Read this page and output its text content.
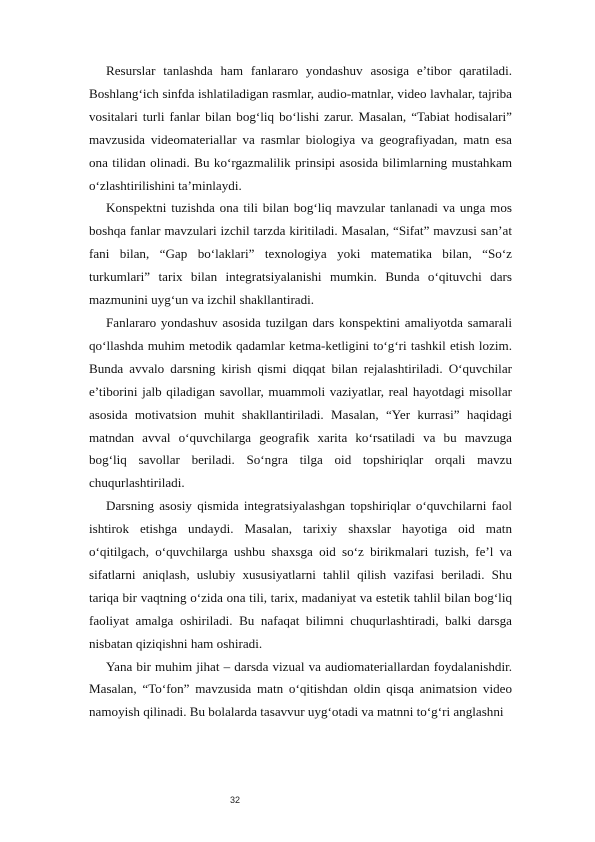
Resurslar tanlashda ham fanlararo yondashuv asosiga e’tibor qaratiladi. Boshlang‘ich sinfda ishlatiladigan rasmlar, audio-matnlar, video lavhalar, tajriba vositalari turli fanlar bilan bog‘liq bo‘lishi zarur. Masalan, “Tabiat hodisalari” mavzusida videomateriallar va rasmlar biologiya va geografiyadan, matn esa ona tilidan olinadi. Bu ko‘rgazmalilik prinsipi asosida bilimlarning mustahkam o‘zlashtirilishini ta’minlaydi.

Konspektni tuzishda ona tili bilan bog‘liq mavzular tanlanadi va unga mos boshqa fanlar mavzulari izchil tarzda kiritiladi. Masalan, “Sifat” mavzusi san’at fani bilan, “Gap bo‘laklari” texnologiya yoki matematika bilan, “So‘z turkumlari” tarix bilan integratsiyalanishi mumkin. Bunda o‘qituvchi dars mazmunini uyg‘un va izchil shakllantiradi.

Fanlararo yondashuv asosida tuzilgan dars konspektini amaliyotda samarali qo‘llashda muhim metodik qadamlar ketma-ketligini to‘g‘ri tashkil etish lozim. Bunda avvalo darsning kirish qismi diqqat bilan rejalashtiriladi. O‘quvchilar e’tiborini jalb qiladigan savollar, muammoli vaziyatlar, real hayotdagi misollar asosida motivatsion muhit shakllantiriladi. Masalan, “Yer kurrasi” haqidagi matndan avval o‘quvchilarga geografik xarita ko‘rsatiladi va bu mavzuga bog‘liq savollar beriladi. So‘ngra tilga oid topshiriqlar orqali mavzu chuqurlashtiriladi.

Darsning asosiy qismida integratsiyalashgan topshiriqlar o‘quvchilarni faol ishtirok etishga undaydi. Masalan, tarixiy shaxslar hayotiga oid matn o‘qitilgach, o‘quvchilarga ushbu shaxsga oid so‘z birikmalari tuzish, fe’l va sifatlarni aniqlash, uslubiy xususiyatlarni tahlil qilish vazifasi beriladi. Shu tariqa bir vaqtning o‘zida ona tili, tarix, madaniyat va estetik tahlil bilan bog‘liq faoliyat amalga oshiriladi. Bu nafaqat bilimni chuqurlashtiradi, balki darsga nisbatan qiziqishni ham oshiradi.

Yana bir muhim jihat – darsda vizual va audiomateriallardan foydalanishdir. Masalan, “To‘fon” mavzusida matn o‘qitishdan oldin qisqa animatsion video namoyish qilinadi. Bu bolalarda tasavvur uyg‘otadi va matnni to‘g‘ri anglashni

32
